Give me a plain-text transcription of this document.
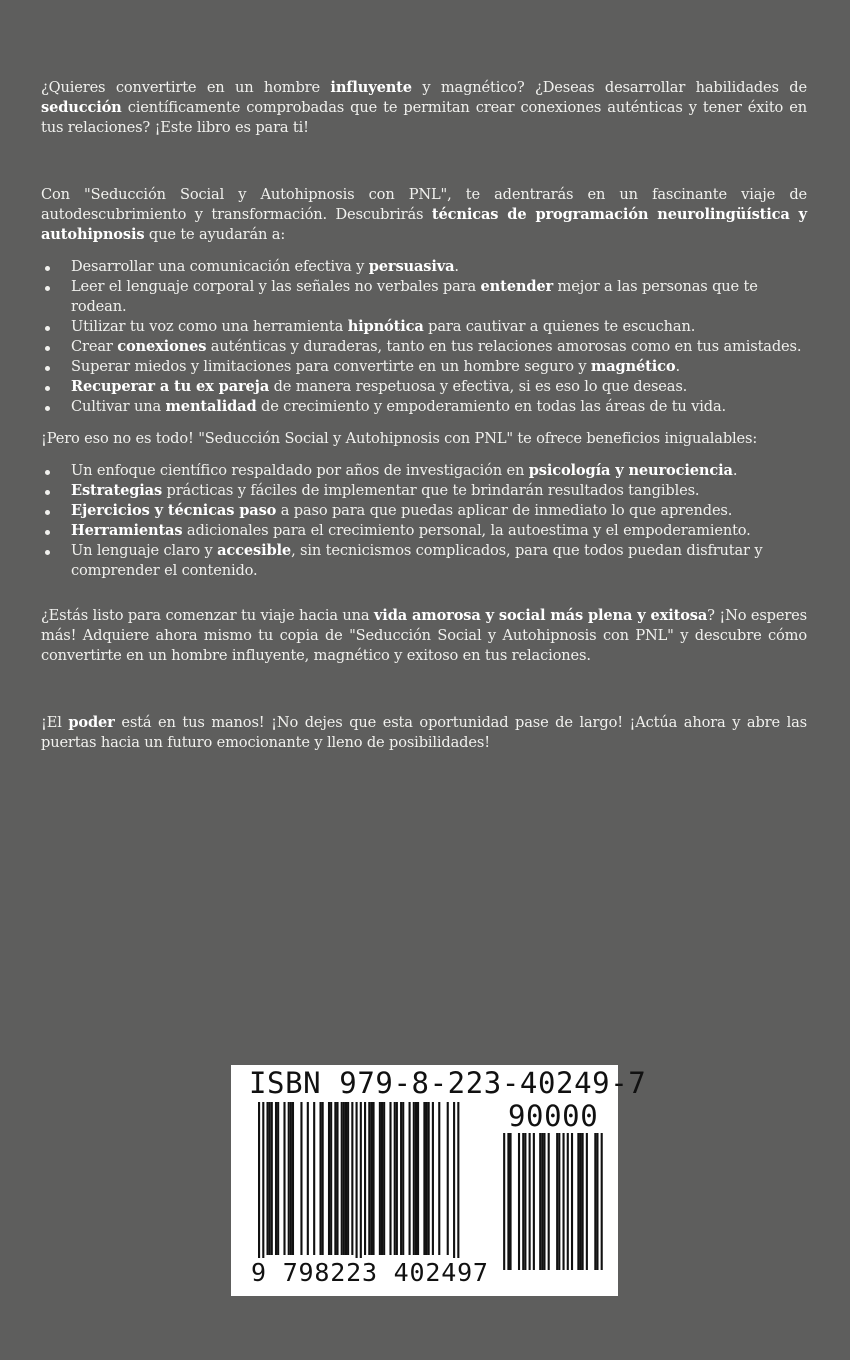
¿Quieres convertirte en un hombre influyente y magnético? ¿Deseas desarrollar habilidades de seducción científicamente comprobadas que te permitan crear conexiones auténticas y tener éxito en tus relaciones? ¡Este libro es para ti!

Con "Seducción Social y Autohipnosis con PNL", te adentrarás en un fascinante viaje de autodescubrimiento y transformación. Descubrirás técnicas de programación neurolingüística y autohipnosis que te ayudarán a:

Desarrollar una comunicación efectiva y persuasiva.
Leer el lenguaje corporal y las señales no verbales para entender mejor a las personas que te rodean.
Utilizar tu voz como una herramienta hipnótica para cautivar a quienes te escuchan.
Crear conexiones auténticas y duraderas, tanto en tus relaciones amorosas como en tus amistades.
Superar miedos y limitaciones para convertirte en un hombre seguro y magnético.
Recuperar a tu ex pareja de manera respetuosa y efectiva, si es eso lo que deseas.
Cultivar una mentalidad de crecimiento y empoderamiento en todas las áreas de tu vida.

¡Pero eso no es todo! "Seducción Social y Autohipnosis con PNL" te ofrece beneficios inigualables:

Un enfoque científico respaldado por años de investigación en psicología y neurociencia.
Estrategias prácticas y fáciles de implementar que te brindarán resultados tangibles.
Ejercicios y técnicas paso a paso para que puedas aplicar de inmediato lo que aprendes.
Herramientas adicionales para el crecimiento personal, la autoestima y el empoderamiento.
Un lenguaje claro y accesible, sin tecnicismos complicados, para que todos puedan disfrutar y comprender el contenido.

¿Estás listo para comenzar tu viaje hacia una vida amorosa y social más plena y exitosa? ¡No esperes más! Adquiere ahora mismo tu copia de "Seducción Social y Autohipnosis con PNL" y descubre cómo convertirte en un hombre influyente, magnético y exitoso en tus relaciones.

¡El poder está en tus manos! ¡No dejes que esta oportunidad pase de largo! ¡Actúa ahora y abre las puertas hacia un futuro emocionante y lleno de posibilidades!

ISBN 979-8-223-40249-7
90000
9 798223 402497
